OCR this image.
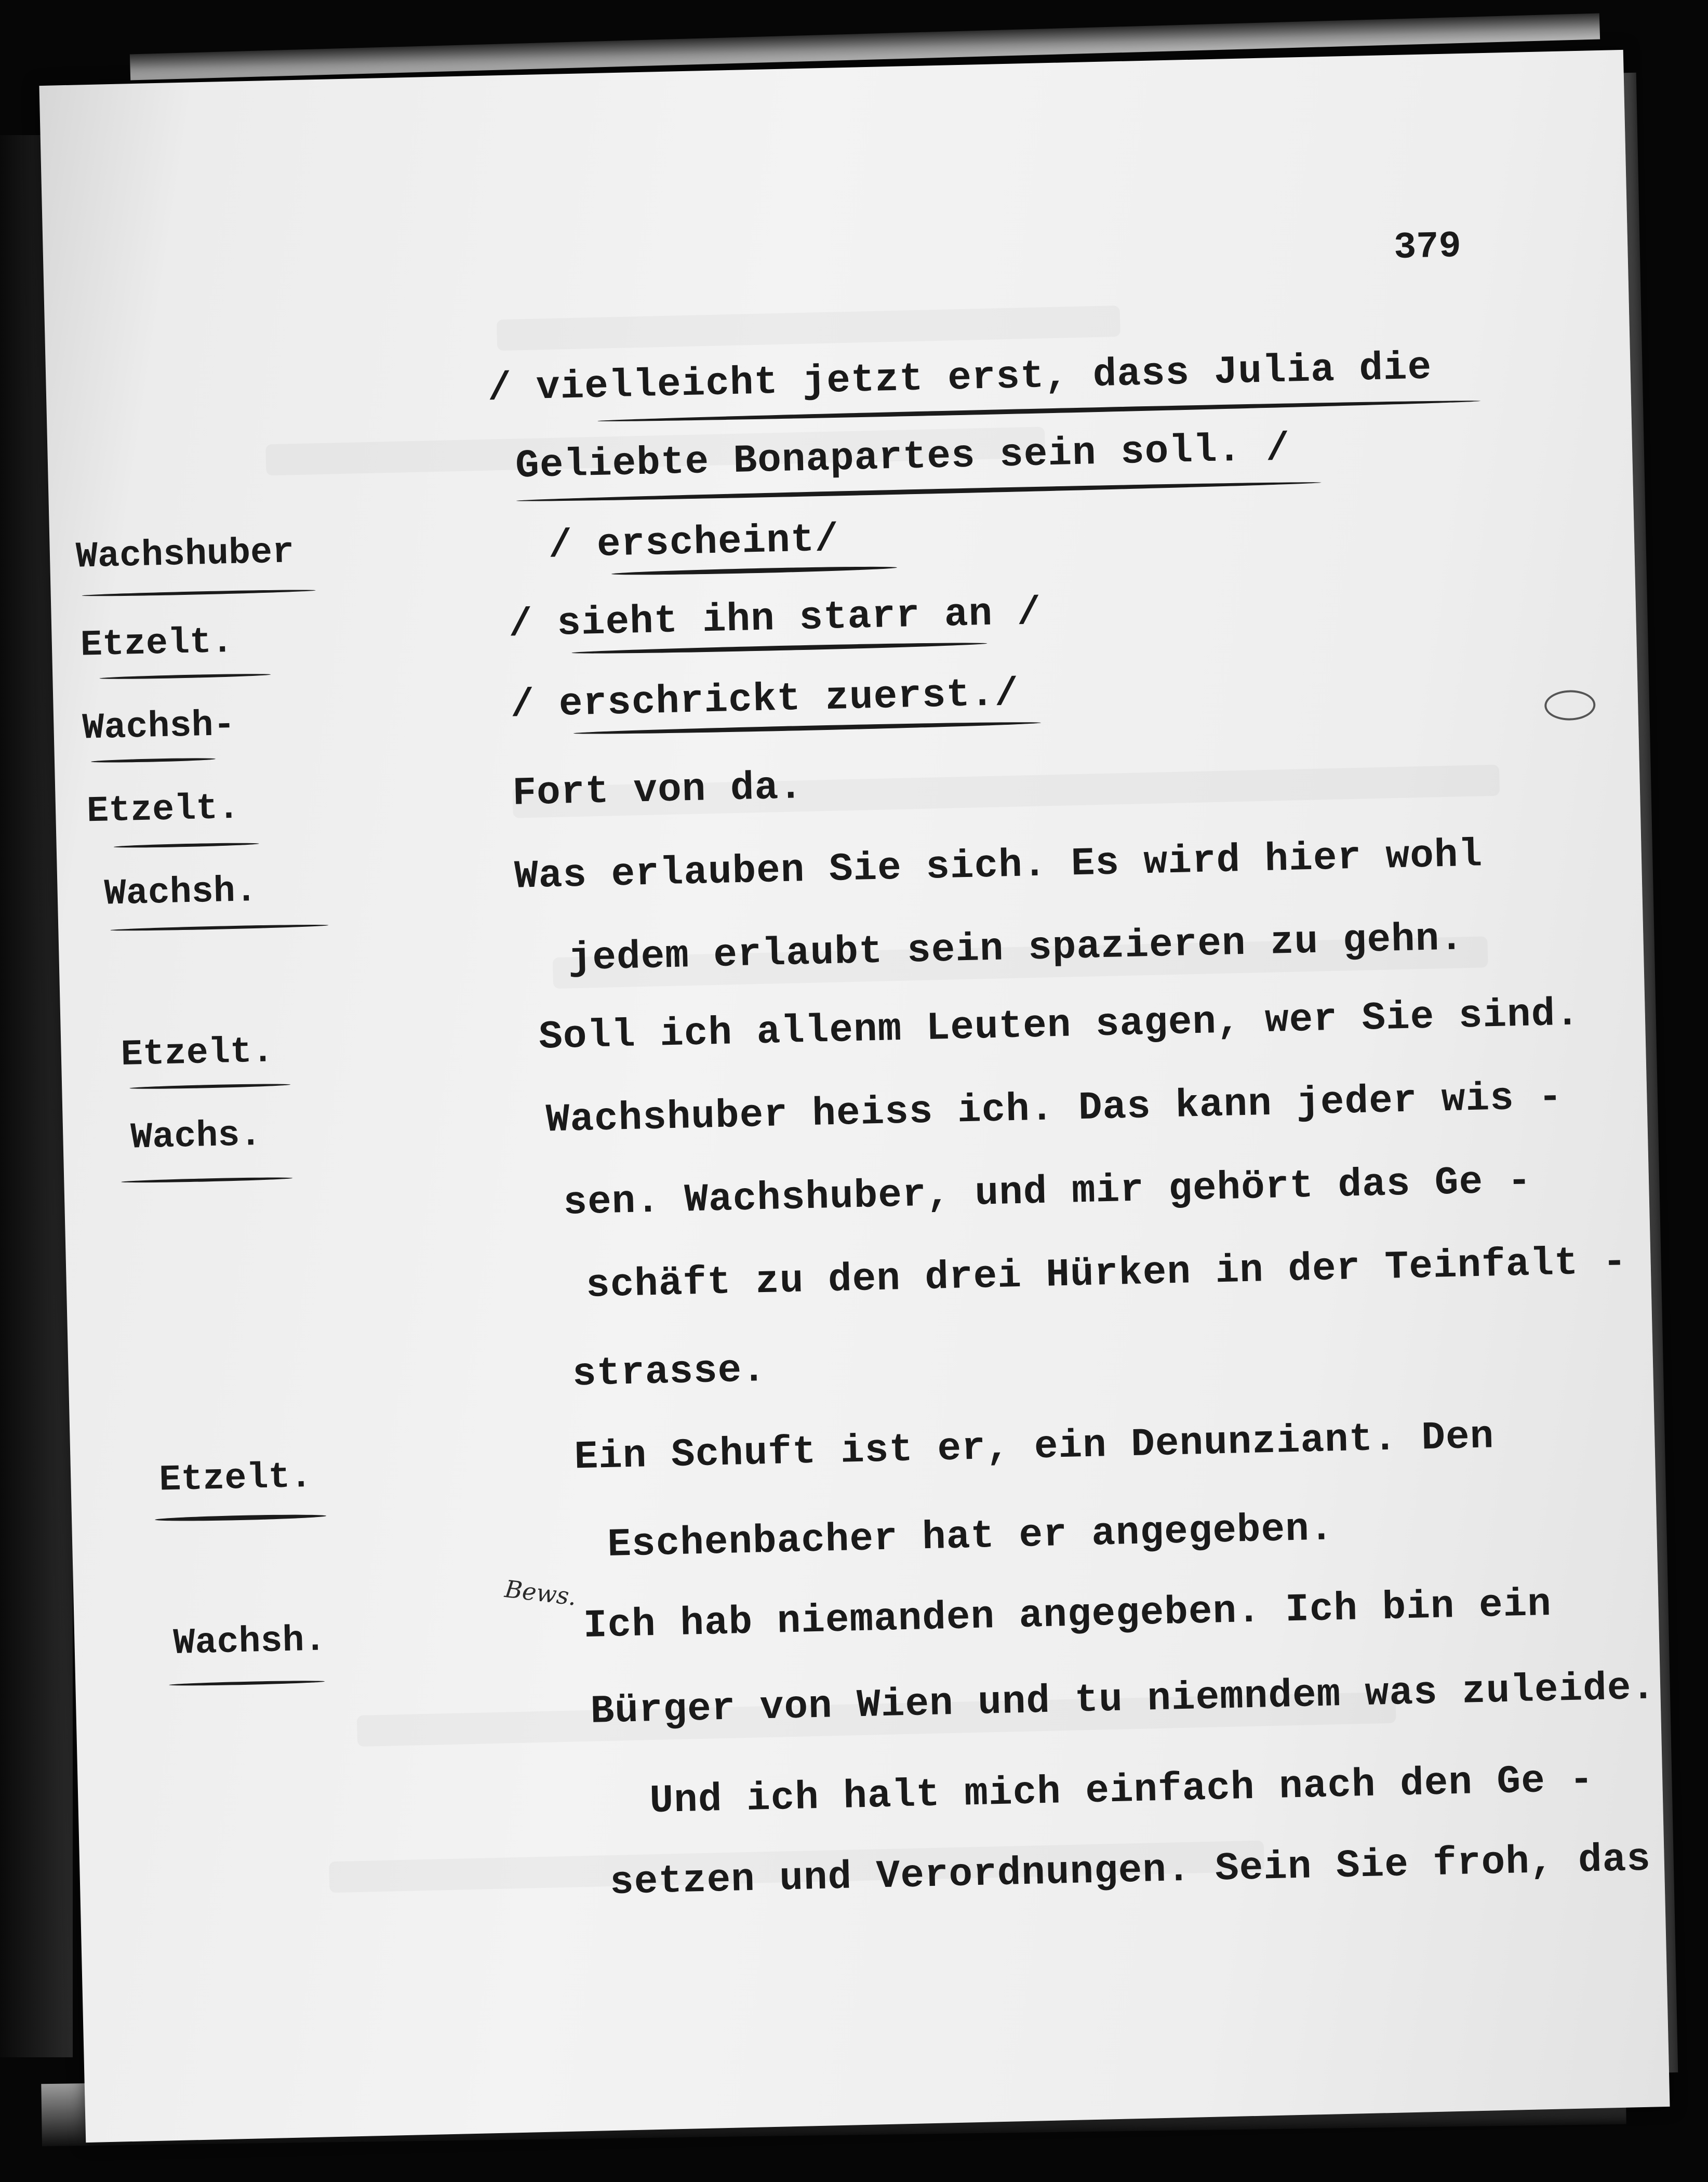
379
/ vielleicht jetzt erst, dass Julia die
Geliebte Bonapartes sein soll. /
Wachshuber	/ erscheint/
Etzelt.	/ sieht ihn starr an /
Wachsh-	/ erschrickt zuerst./
Etzelt.	Fort von da.
Wachsh.	Was erlauben Sie sich. Es wird hier wohl
jedem erlaubt sein spazieren zu gehn.
Etzelt.	Soll ich allenm Leuten sagen, wer Sie sind.
Wachs.	Wachshuber heiss ich. Das kann jeder wis -
sen. Wachshuber, und mir gehört das Ge -
schäft zu den drei Hürken in der Teinfalt -
strasse.
Etzelt.	Ein Schuft ist er, ein Denunziant. Den
Eschenbacher hat er angegeben.
Bews.
Wachsh.	Ich hab niemanden angegeben. Ich bin ein
Bürger von Wien und tu niemndem was zuleide.
Und ich halt mich einfach nach den Ge -
setzen und Verordnungen. Sein Sie froh, das
